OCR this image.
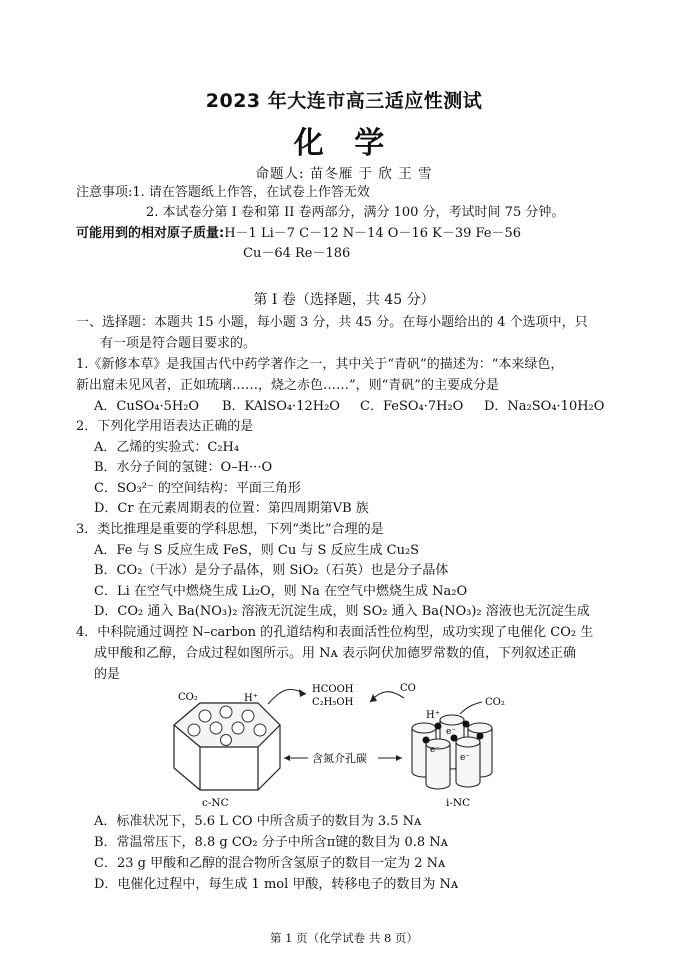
2023 年大连市高三适应性测试
化 学
命题人: 苗冬雁 于 欣 王 雪
注意事项:1. 请在答题纸上作答，在试卷上作答无效
2. 本试卷分第 I 卷和第 II 卷两部分，满分 100 分，考试时间 75 分钟。
可能用到的相对原子质量:H－1 Li－7 C－12 N－14 O－16 K－39 Fe－56
Cu－64 Re－186
第 I 卷（选择题，共 45 分）
一、选择题：本题共 15 小题，每小题 3 分，共 45 分。在每小题给出的 4 个选项中，只
有一项是符合题目要求的。
1.《新修本草》是我国古代中药学著作之一，其中关于“青矾”的描述为：“本来绿色，
新出窟未见风者，正如琉璃……，烧之赤色……”，则“青矾”的主要成分是
A．CuSO₄·5H₂O B．KAlSO₄·12H₂O C．FeSO₄·7H₂O D．Na₂SO₄·10H₂O
2．下列化学用语表达正确的是
A．乙烯的实验式：C₂H₄
B．水分子间的氢键：O–H···O
C．SO₃²⁻ 的空间结构：平面三角形
D．Cr 在元素周期表的位置：第四周期第ⅤB 族
3．类比推理是重要的学科思想，下列“类比”合理的是
A．Fe 与 S 反应生成 FeS，则 Cu 与 S 反应生成 Cu₂S
B．CO₂（干冰）是分子晶体，则 SiO₂（石英）也是分子晶体
C．Li 在空气中燃烧生成 Li₂O，则 Na 在空气中燃烧生成 Na₂O
D．CO₂ 通入 Ba(NO₃)₂ 溶液无沉淀生成，则 SO₂ 通入 Ba(NO₃)₂ 溶液也无沉淀生成
4．中科院通过调控 N–carbon 的孔道结构和表面活性位构型，成功实现了电催化 CO₂ 生
成甲酸和乙醇，合成过程如图所示。用 Nᴀ 表示阿伏加德罗常数的值，下列叙述正确
的是
CO₂	H⁺
HCOOH
C₂H₅OH
含氮介孔碳
CO
CO₂
H⁺
e⁻
e⁻
e⁻
c-NC	i-NC
A．标准状况下，5.6 L CO 中所含质子的数目为 3.5 Nᴀ
B．常温常压下，8.8 g CO₂ 分子中所含π键的数目为 0.8 Nᴀ
C．23 g 甲酸和乙醇的混合物所含氢原子的数目一定为 2 Nᴀ
D．电催化过程中，每生成 1 mol 甲酸，转移电子的数目为 Nᴀ
第 1 页（化学试卷 共 8 页）
